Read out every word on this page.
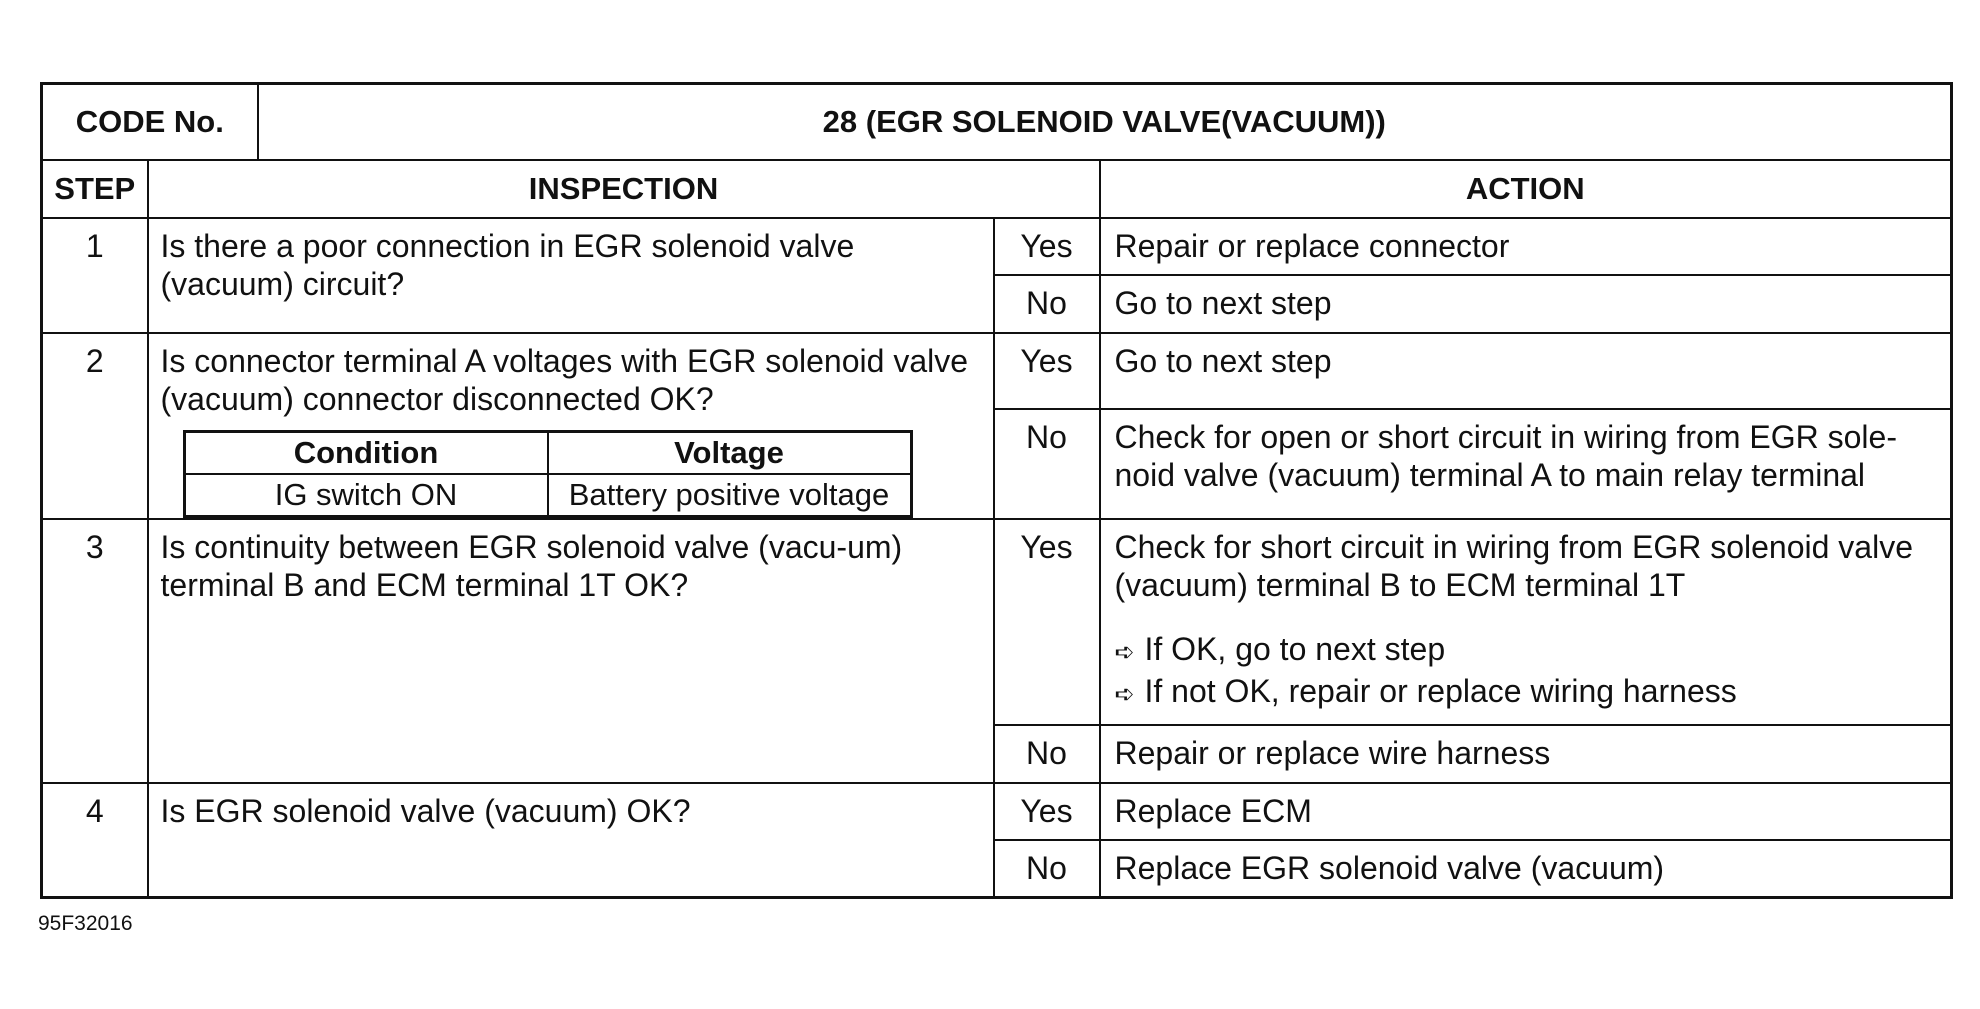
CODE No.	28 (EGR SOLENOID VALVE(VACUUM))
STEP	INSPECTION	ACTION
1	Is there a poor connection in EGR solenoid valve (vacuum) circuit?	Yes	Repair or replace connector
No	Go to next step
2	Is connector terminal A voltages with EGR solenoid valve (vacuum) connector disconnected OK?
Condition	Voltage
IG switch ON	Battery positive voltage
	Yes	Go to next step
No	Check for open or short circuit in wiring from EGR sole-noid valve (vacuum) terminal A to main relay terminal
3	Is continuity between EGR solenoid valve (vacu-um) terminal B and ECM terminal 1T OK?	Yes	Check for short circuit in wiring from EGR solenoid valve (vacuum) terminal B to ECM terminal 1T
➪ If OK, go to next step
➪ If not OK, repair or replace wiring harness

No	Repair or replace wire harness
4	Is EGR solenoid valve (vacuum) OK?	Yes	Replace ECM
No	Replace EGR solenoid valve (vacuum)
95F32016
